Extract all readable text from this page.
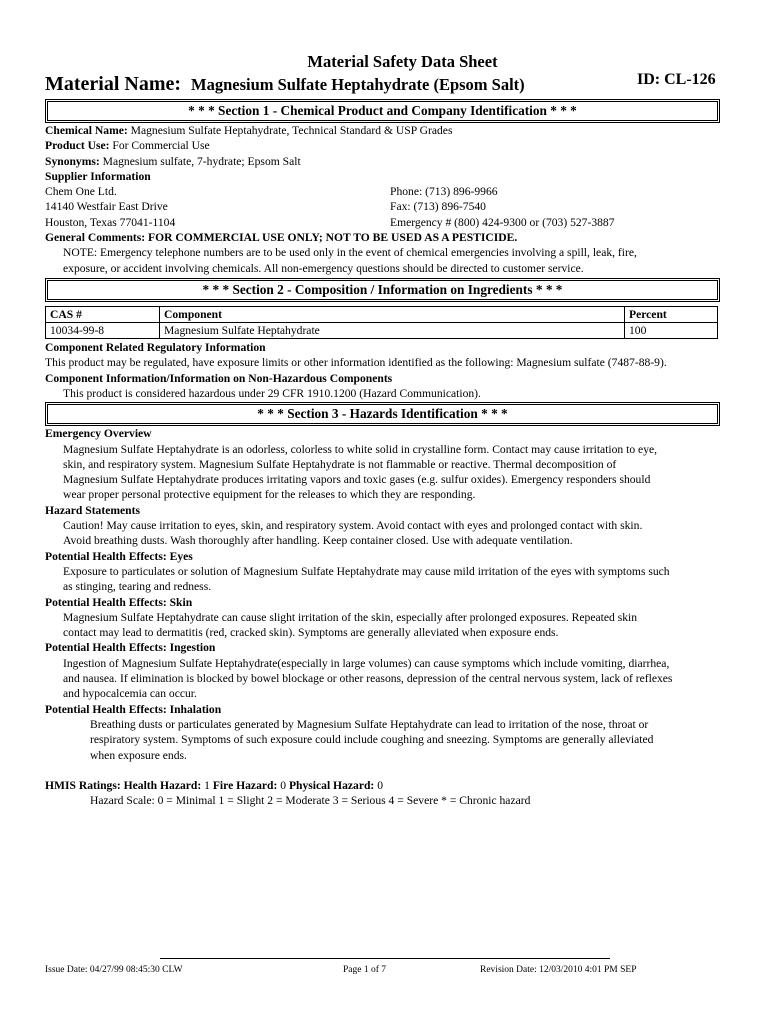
Material Safety Data Sheet
Material Name: Magnesium Sulfate Heptahydrate (Epsom Salt)	ID: CL-126
* * * Section 1 - Chemical Product and Company Identification * * *
Chemical Name: Magnesium Sulfate Heptahydrate, Technical Standard & USP Grades
Product Use: For Commercial Use
Synonyms: Magnesium sulfate, 7-hydrate; Epsom Salt
Supplier Information
Chem One Ltd.
14140 Westfair East Drive
Houston, Texas 77041-1104
Phone: (713) 896-9966
Fax: (713) 896-7540
Emergency # (800) 424-9300 or (703) 527-3887
General Comments: FOR COMMERCIAL USE ONLY; NOT TO BE USED AS A PESTICIDE.
NOTE: Emergency telephone numbers are to be used only in the event of chemical emergencies involving a spill, leak, fire,
exposure, or accident involving chemicals. All non-emergency questions should be directed to customer service.
* * * Section 2 - Composition / Information on Ingredients * * *
CAS #	Component	Percent
10034-99-8	Magnesium Sulfate Heptahydrate	100
Component Related Regulatory Information
This product may be regulated, have exposure limits or other information identified as the following: Magnesium sulfate (7487-88-9).
Component Information/Information on Non-Hazardous Components
This product is considered hazardous under 29 CFR 1910.1200 (Hazard Communication).
* * * Section 3 - Hazards Identification * * *
Emergency Overview
Magnesium Sulfate Heptahydrate is an odorless, colorless to white solid in crystalline form. Contact may cause irritation to eye,
skin, and respiratory system. Magnesium Sulfate Heptahydrate is not flammable or reactive. Thermal decomposition of
Magnesium Sulfate Heptahydrate produces irritating vapors and toxic gases (e.g. sulfur oxides). Emergency responders should
wear proper personal protective equipment for the releases to which they are responding.
Hazard Statements
Caution! May cause irritation to eyes, skin, and respiratory system. Avoid contact with eyes and prolonged contact with skin.
Avoid breathing dusts. Wash thoroughly after handling. Keep container closed. Use with adequate ventilation.
Potential Health Effects: Eyes
Exposure to particulates or solution of Magnesium Sulfate Heptahydrate may cause mild irritation of the eyes with symptoms such
as stinging, tearing and redness.
Potential Health Effects: Skin
Magnesium Sulfate Heptahydrate can cause slight irritation of the skin, especially after prolonged exposures. Repeated skin
contact may lead to dermatitis (red, cracked skin). Symptoms are generally alleviated when exposure ends.
Potential Health Effects: Ingestion
Ingestion of Magnesium Sulfate Heptahydrate(especially in large volumes) can cause symptoms which include vomiting, diarrhea,
and nausea. If elimination is blocked by bowel blockage or other reasons, depression of the central nervous system, lack of reflexes
and hypocalcemia can occur.
Potential Health Effects: Inhalation
Breathing dusts or particulates generated by Magnesium Sulfate Heptahydrate can lead to irritation of the nose, throat or
respiratory system. Symptoms of such exposure could include coughing and sneezing. Symptoms are generally alleviated
when exposure ends.
HMIS Ratings: Health Hazard: 1 Fire Hazard: 0 Physical Hazard: 0
Hazard Scale: 0 = Minimal 1 = Slight 2 = Moderate 3 = Serious 4 = Severe * = Chronic hazard
Issue Date: 04/27/99 08:45:30 CLW	Page 1 of 7	Revision Date: 12/03/2010 4:01 PM SEP
